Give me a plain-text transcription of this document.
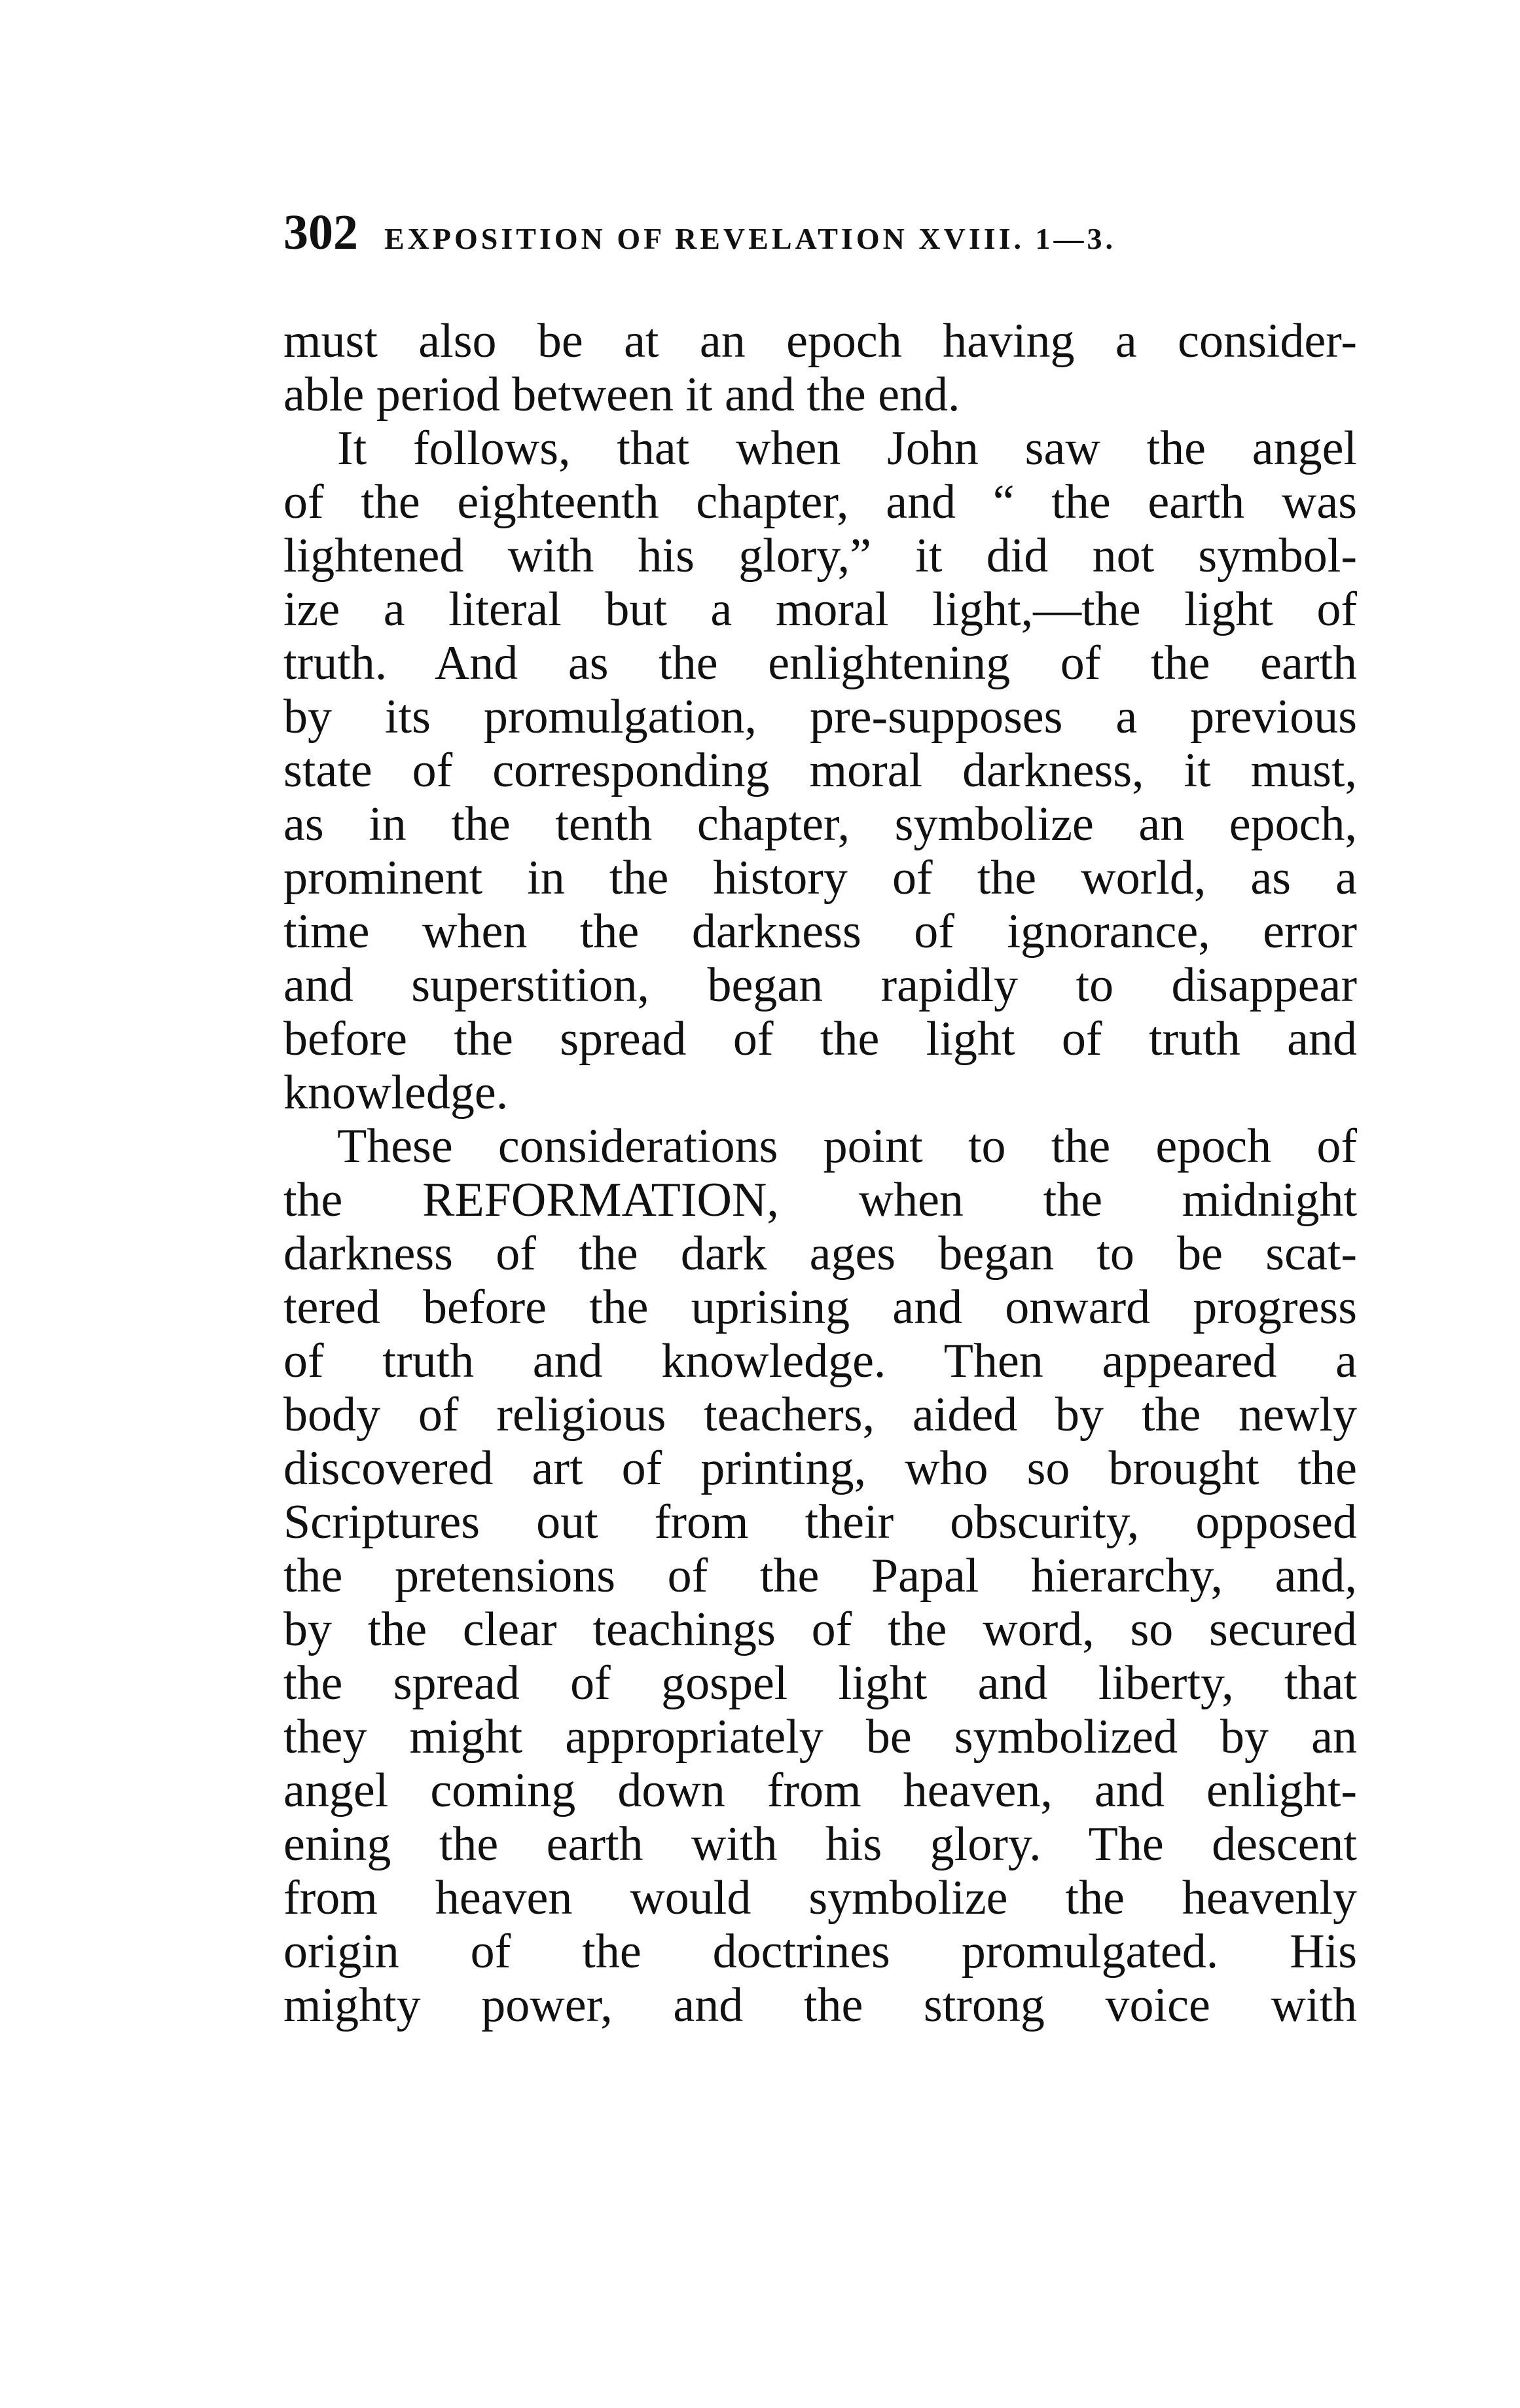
302 EXPOSITION OF REVELATION XVIII. 1—3.
must also be at an epoch having a consider-
able period between it and the end.
It follows, that when John saw the angel
of the eighteenth chapter, and “ the earth was
lightened with his glory,” it did not symbol-
ize a literal but a moral light,—the light of
truth. And as the enlightening of the earth
by its promulgation, pre-supposes a previous
state of corresponding moral darkness, it must,
as in the tenth chapter, symbolize an epoch,
prominent in the history of the world, as a
time when the darkness of ignorance, error
and superstition, began rapidly to disappear
before the spread of the light of truth and
knowledge.
These considerations point to the epoch of
the REFORMATION, when the midnight
darkness of the dark ages began to be scat-
tered before the uprising and onward progress
of truth and knowledge. Then appeared a
body of religious teachers, aided by the newly
discovered art of printing, who so brought the
Scriptures out from their obscurity, opposed
the pretensions of the Papal hierarchy, and,
by the clear teachings of the word, so secured
the spread of gospel light and liberty, that
they might appropriately be symbolized by an
angel coming down from heaven, and enlight-
ening the earth with his glory. The descent
from heaven would symbolize the heavenly
origin of the doctrines promulgated. His
mighty power, and the strong voice with
